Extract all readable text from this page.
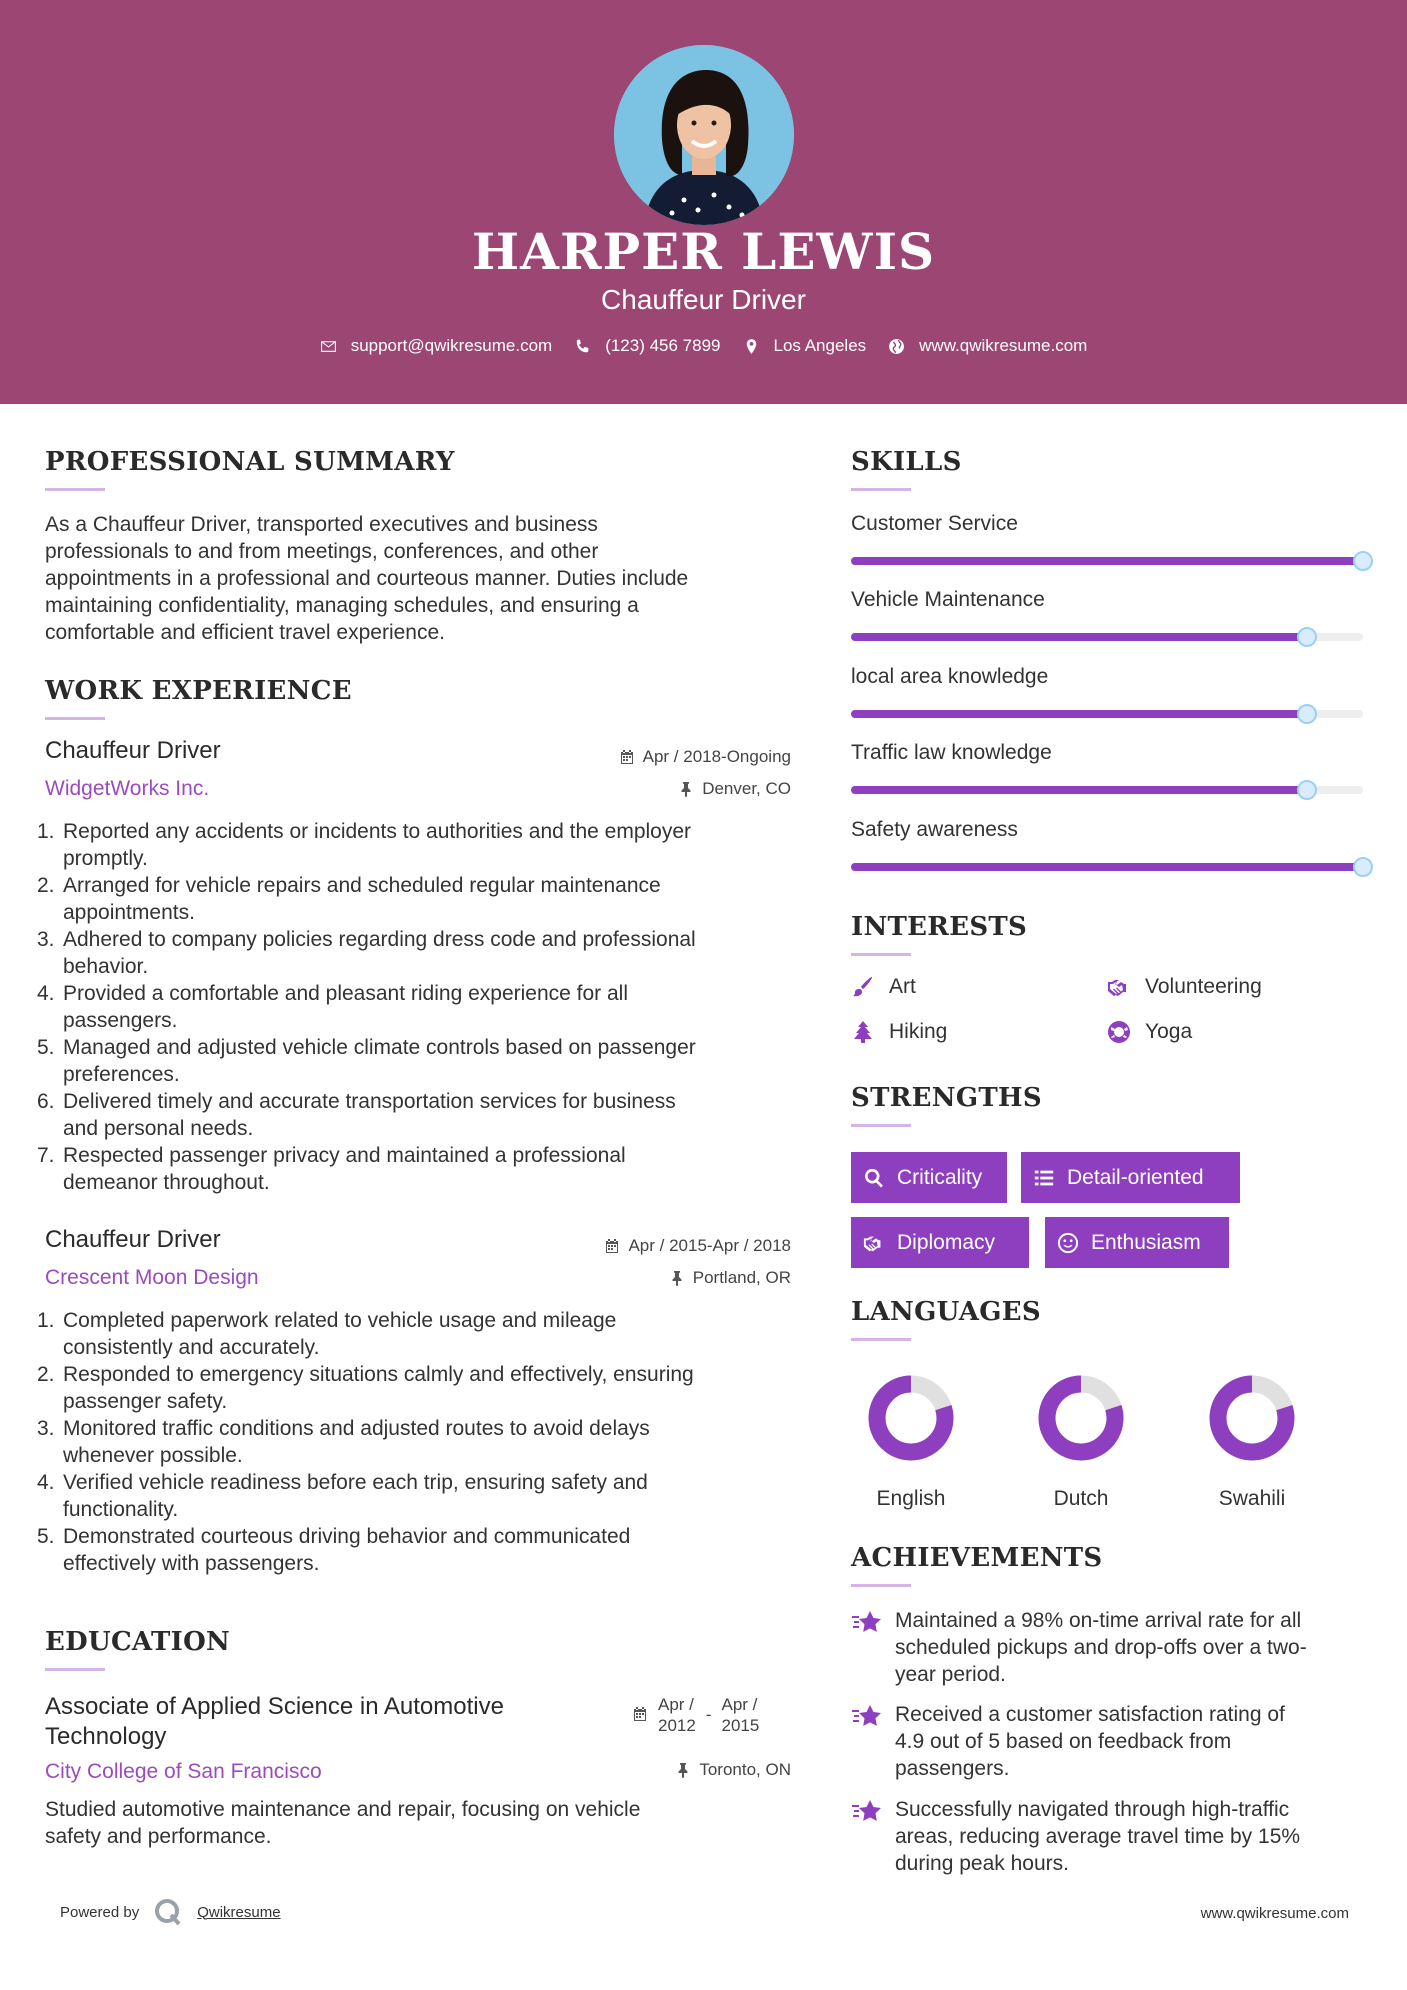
HARPER LEWIS
Chauffeur Driver
support@qwikresume.com	(123) 456 7899	Los Angeles	www.qwikresume.com
PROFESSIONAL SUMMARY
As a Chauffeur Driver, transported executives and business
professionals to and from meetings, conferences, and other
appointments in a professional and courteous manner. Duties include
maintaining confidentiality, managing schedules, and ensuring a
comfortable and efficient travel experience.
WORK EXPERIENCE
Chauffeur Driver
WidgetWorks Inc.
Apr / 2018-Ongoing
Denver, CO
1. Reported any accidents or incidents to authorities and the employer
promptly.
2. Arranged for vehicle repairs and scheduled regular maintenance
appointments.
3. Adhered to company policies regarding dress code and professional
behavior.
4. Provided a comfortable and pleasant riding experience for all
passengers.
5. Managed and adjusted vehicle climate controls based on passenger
preferences.
6. Delivered timely and accurate transportation services for business
and personal needs.
7. Respected passenger privacy and maintained a professional
demeanor throughout.
Chauffeur Driver
Crescent Moon Design
Apr / 2015-Apr / 2018
Portland, OR
1. Completed paperwork related to vehicle usage and mileage
consistently and accurately.
2. Responded to emergency situations calmly and effectively, ensuring
passenger safety.
3. Monitored traffic conditions and adjusted routes to avoid delays
whenever possible.
4. Verified vehicle readiness before each trip, ensuring safety and
functionality.
5. Demonstrated courteous driving behavior and communicated
effectively with passengers.
EDUCATION
Associate of Applied Science in Automotive
Technology
Apr /
2012
-
Apr /
2015
City College of San Francisco	Toronto, ON
Studied automotive maintenance and repair, focusing on vehicle
safety and performance.
SKILLS
Customer Service
Vehicle Maintenance
local area knowledge
Traffic law knowledge
Safety awareness
INTERESTS
Art	Volunteering
Hiking	Yoga
STRENGTHS
Criticality	Detail-oriented
Diplomacy	Enthusiasm
LANGUAGES
English	Dutch	Swahili
ACHIEVEMENTS
Maintained a 98% on-time arrival rate for all
scheduled pickups and drop-offs over a two-
year period.
Received a customer satisfaction rating of
4.9 out of 5 based on feedback from
passengers.
Successfully navigated through high-traffic
areas, reducing average travel time by 15%
during peak hours.
Powered by	Qwikresume	www.qwikresume.com
